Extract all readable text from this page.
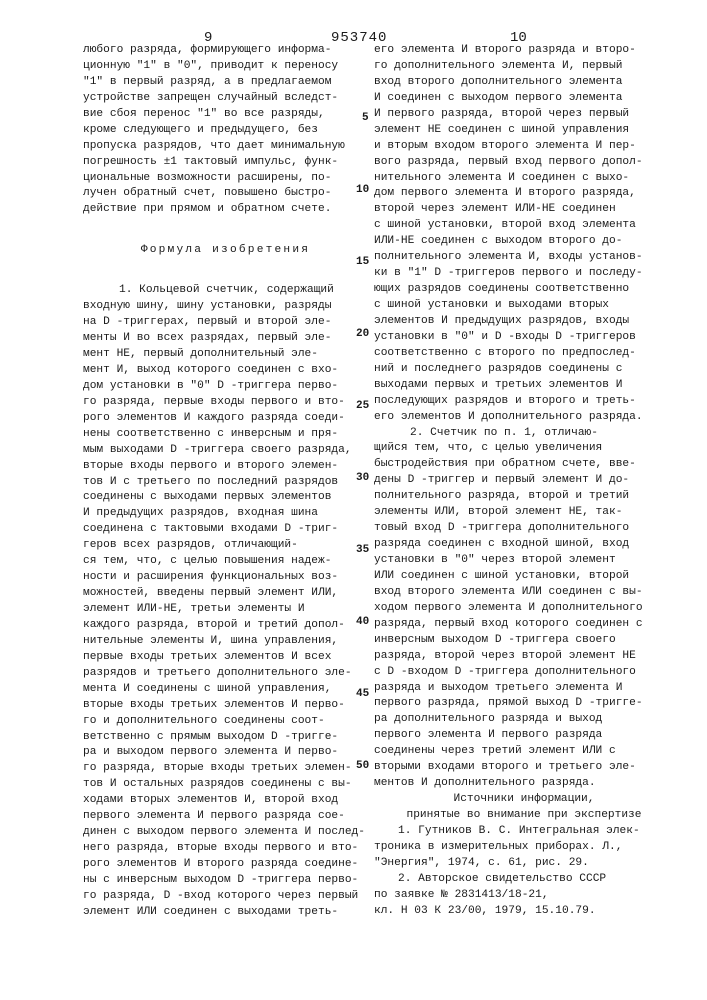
9	953740	10
любого разряда, формирующего информа-
ционную "1" в "0", приводит к переносу
"1" в первый разряд, а в предлагаемом
устройстве запрещен случайный вследст-
вие сбоя перенос "1" во все разряды,
кроме следующего и предыдущего, без
пропуска разрядов, что дает минимальную
погрешность ±1 тактовый импульс, функ-
циональные возможности расширены, по-
лучен обратный счет, повышено быстро-
действие при прямом и обратном счете.
Формула изобретения
1. Кольцевой счетчик, содержащий
входную шину, шину установки, разряды
на D -триггерах, первый и второй эле-
менты И во всех разрядах, первый эле-
мент НЕ, первый дополнительный эле-
мент И, выход которого соединен с вхо-
дом установки в "0" D -триггера перво-
го разряда, первые входы первого и вто-
рого элементов И каждого разряда соеди-
нены соответственно с инверсным и пря-
мым выходами D -триггера своего разряда,
вторые входы первого и второго элемен-
тов И с третьего по последний разрядов
соединены с выходами первых элементов
И предыдущих разрядов, входная шина
соединена с тактовыми входами D -триг-
геров всех разрядов, отличающий-
ся тем, что, с целью повышения надеж-
ности и расширения функциональных воз-
можностей, введены первый элемент ИЛИ,
элемент ИЛИ-НЕ, третьи элементы И
каждого разряда, второй и третий допол-
нительные элементы И, шина управления,
первые входы третьих элементов И всех
разрядов и третьего дополнительного эле-
мента И соединены с шиной управления,
вторые входы третьих элементов И перво-
го и дополнительного соединены соот-
ветственно с прямым выходом D -тригге-
ра и выходом первого элемента И перво-
го разряда, вторые входы третьих элемен-
тов И остальных разрядов соединены с вы-
ходами вторых элементов И, второй вход
первого элемента И первого разряда сое-
динен с выходом первого элемента И послед-
него разряда, вторые входы первого и вто-
рого элементов И второго разряда соедине-
ны с инверсным выходом D -триггера перво-
го разряда, D -вход которого через первый
элемент ИЛИ соединен с выходами треть-
его элемента И второго разряда и второ-
го дополнительного элемента И, первый
вход второго дополнительного элемента
И соединен с выходом первого элемента
И первого разряда, второй через первый
элемент НЕ соединен с шиной управления
и вторым входом второго элемента И пер-
вого разряда, первый вход первого допол-
нительного элемента И соединен с выхо-
дом первого элемента И второго разряда,
второй через элемент ИЛИ-НЕ соединен
с шиной установки, второй вход элемента
ИЛИ-НЕ соединен с выходом второго до-
полнительного элемента И, входы установ-
ки в "1" D -триггеров первого и последу-
ющих разрядов соединены соответственно
с шиной установки и выходами вторых
элементов И предыдущих разрядов, входы
установки в "0" и D -входы D -триггеров
соответственно с второго по предпослед-
ний и последнего разрядов соединены с
выходами первых и третьих элементов И
последующих разрядов и второго и треть-
его элементов И дополнительного разряда.
2. Счетчик по п. 1, отличаю-
щийся тем, что, с целью увеличения
быстродействия при обратном счете, вве-
дены D -триггер и первый элемент И до-
полнительного разряда, второй и третий
элементы ИЛИ, второй элемент НЕ, так-
товый вход D -триггера дополнительного
разряда соединен с входной шиной, вход
установки в "0" через второй элемент
ИЛИ соединен с шиной установки, второй
вход второго элемента ИЛИ соединен с вы-
ходом первого элемента И дополнительного
разряда, первый вход которого соединен с
инверсным выходом D -триггера своего
разряда, второй через второй элемент НЕ
с D -входом D -триггера дополнительного
разряда и выходом третьего элемента И
первого разряда, прямой выход D -тригге-
ра дополнительного разряда и выход
первого элемента И первого разряда
соединены через третий элемент ИЛИ с
вторыми входами второго и третьего эле-
ментов И дополнительного разряда.
Источники информации,
принятые во внимание при экспертизе
1. Гутников В. С. Интегральная элек-
троника в измерительных приборах. Л.,
"Энергия", 1974, с. 61, рис. 29.
2. Авторское свидетельство СССР
по заявке № 2831413/18-21,
кл. Н 03 К 23/00, 1979, 15.10.79.
5
10
15
20
25
30
35
40
45
50
